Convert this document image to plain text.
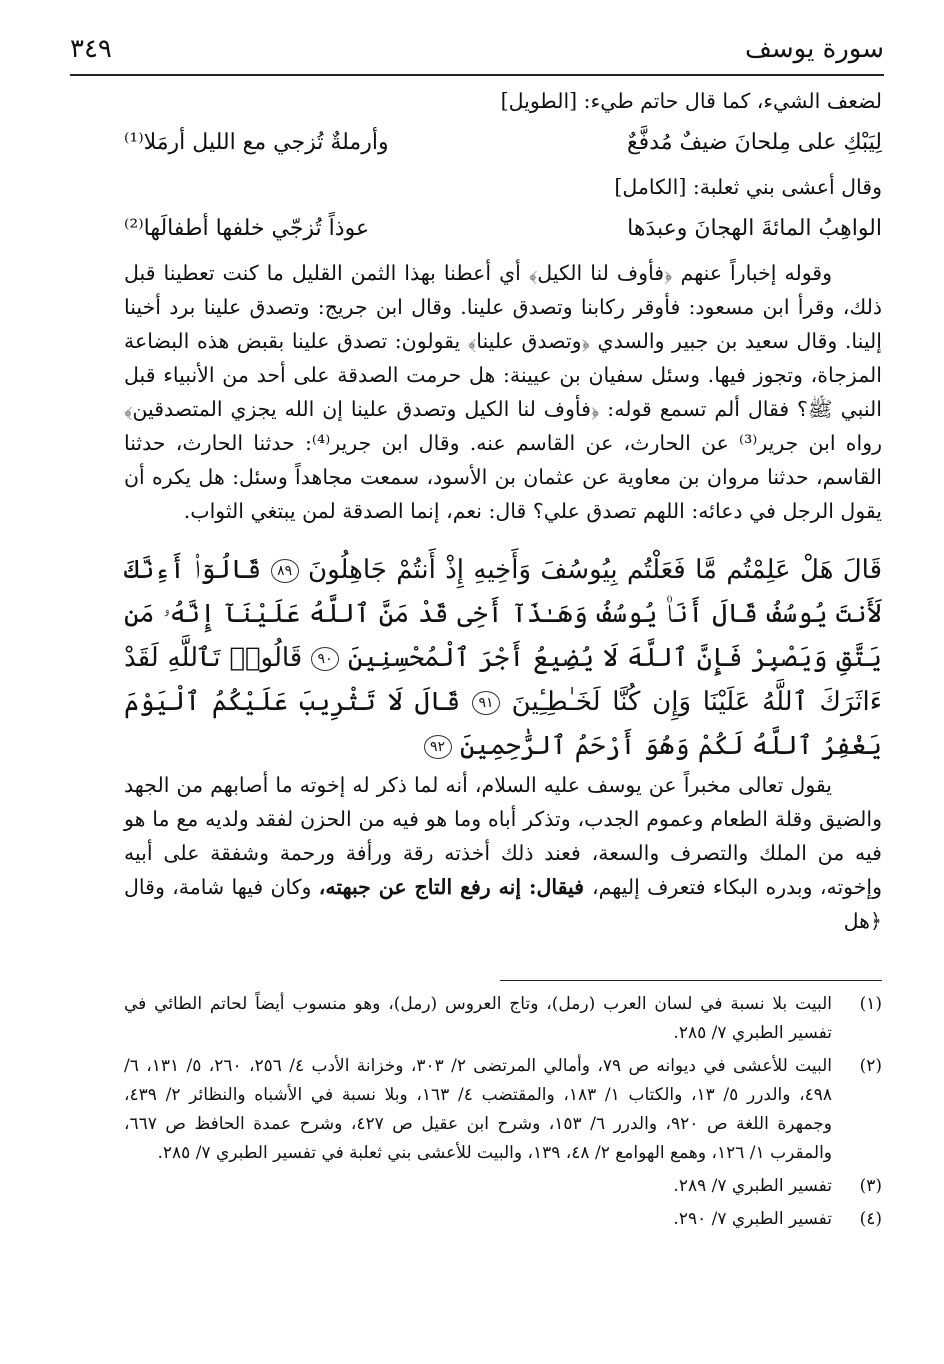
سورة يوسف
٣٤٩

لضعف الشيء، كما قال حاتم طيء: [الطويل]

لِيَبْكِ على مِلحانَ ضيفٌ مُدفَّعٌ
وأرملةٌ تُزجي مع الليل أرمَلا⁽¹⁾

وقال أعشى بني ثعلبة: [الكامل]

الواهِبُ المائةَ الهجانَ وعبدَها
عوذاً تُزجّي خلفها أطفالَها⁽²⁾

وقوله إخباراً عنهم ﴿فأوف لنا الكيل﴾ أي أعطنا بهذا الثمن القليل ما كنت تعطينا قبل ذلك، وقرأ ابن مسعود: فأوقر ركابنا وتصدق علينا. وقال ابن جريج: وتصدق علينا برد أخينا إلينا. وقال سعيد بن جبير والسدي ﴿وتصدق علينا﴾ يقولون: تصدق علينا بقبض هذه البضاعة المزجاة، وتجوز فيها. وسئل سفيان بن عيينة: هل حرمت الصدقة على أحد من الأنبياء قبل النبي ﷺ؟ فقال ألم تسمع قوله: ﴿فأوف لنا الكيل وتصدق علينا إن الله يجزي المتصدقين﴾ رواه ابن جرير⁽³⁾ عن الحارث، عن القاسم عنه. وقال ابن جرير⁽⁴⁾: حدثنا الحارث، حدثنا القاسم، حدثنا مروان بن معاوية عن عثمان بن الأسود، سمعت مجاهداً وسئل: هل يكره أن يقول الرجل في دعائه: اللهم تصدق علي؟ قال: نعم، إنما الصدقة لمن يبتغي الثواب.

قَالَ هَلْ عَلِمْتُم مَّا فَعَلْتُم بِيُوسُفَ وَأَخِيهِ إِذْ أَنتُمْ جَاهِلُونَ ٨٩ قَالُوٓا۟ أَءِنَّكَ لَأَنتَ يُوسُفُ قَالَ أَنَا۠ يُوسُفُ وَهَـٰذَآ أَخِى قَدْ مَنَّ ٱللَّهُ عَلَيْنَآ إِنَّهُۥ مَن يَتَّقِ وَيَصْبِرْ فَإِنَّ ٱللَّهَ لَا يُضِيعُ أَجْرَ ٱلْمُحْسِنِينَ ٩٠ قَالُوا۟ تَٱللَّهِ لَقَدْ ءَاثَرَكَ ٱللَّهُ عَلَيْنَا وَإِن كُنَّا لَخَـٰطِـِٔينَ ٩١ قَالَ لَا تَثْرِيبَ عَلَيْكُمُ ٱلْيَوْمَ يَغْفِرُ ٱللَّهُ لَكُمْ وَهُوَ أَرْحَمُ ٱلرَّٰحِمِينَ ٩٢

يقول تعالى مخبراً عن يوسف عليه السلام، أنه لما ذكر له إخوته ما أصابهم من الجهد والضيق وقلة الطعام وعموم الجدب، وتذكر أباه وما هو فيه من الحزن لفقد ولديه مع ما هو فيه من الملك والتصرف والسعة، فعند ذلك أخذته رقة ورأفة ورحمة وشفقة على أبيه وإخوته، وبدره البكاء فتعرف إليهم، فيقال: إنه رفع التاج عن جبهته، وكان فيها شامة، وقال ﴿هل

(١)
البيت بلا نسبة في لسان العرب (رمل)، وتاج العروس (رمل)، وهو منسوب أيضاً لحاتم الطائي في تفسير الطبري ٧/ ٢٨٥.
(٢)
البيت للأعشى في ديوانه ص ٧٩، وأمالي المرتضى ٢/ ٣٠٣، وخزانة الأدب ٤/ ٢٥٦، ٢٦٠، ٥/ ١٣١، ٦/ ٤٩٨، والدرر ٥/ ١٣، والكتاب ١/ ١٨٣، والمقتضب ٤/ ١٦٣، وبلا نسبة في الأشباه والنظائر ٢/ ٤٣٩، وجمهرة اللغة ص ٩٢٠، والدرر ٦/ ١٥٣، وشرح ابن عقيل ص ٤٢٧، وشرح عمدة الحافظ ص ٦٦٧، والمقرب ١/ ١٢٦، وهمع الهوامع ٢/ ٤٨، ١٣٩، والبيت للأعشى بني ثعلبة في تفسير الطبري ٧/ ٢٨٥.
(٣)
تفسير الطبري ٧/ ٢٨٩.
(٤)
تفسير الطبري ٧/ ٢٩٠.
